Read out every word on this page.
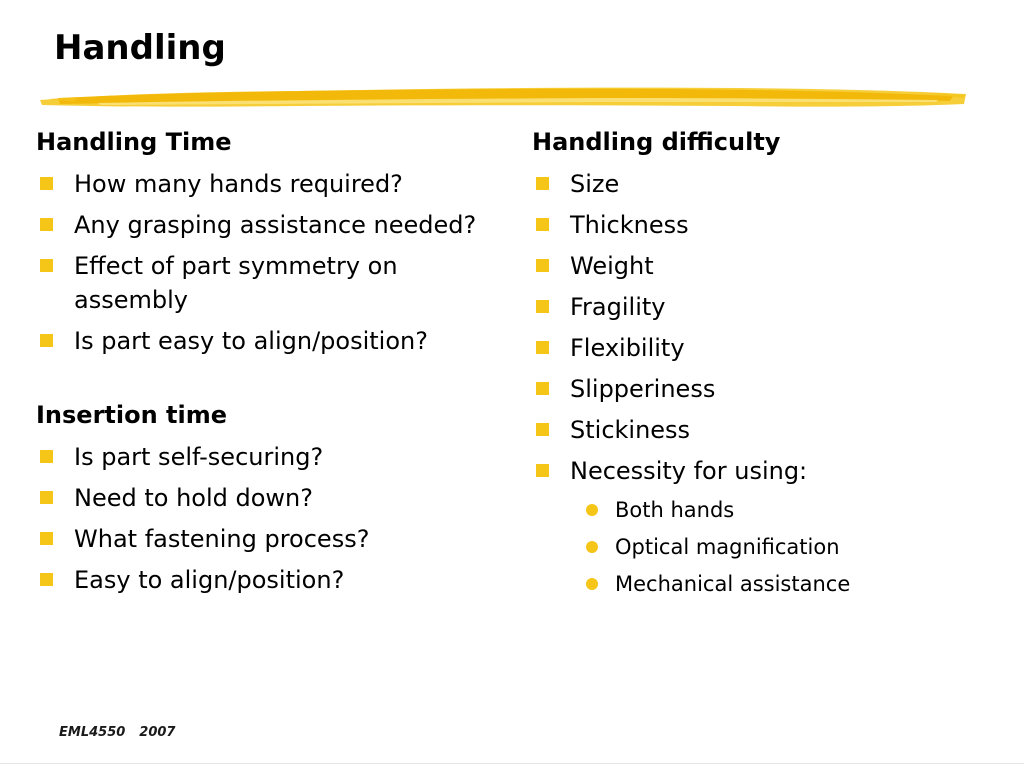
Handling
Handling Time
How many hands required?
Any grasping assistance needed?
Effect of part symmetry on assembly
Is part easy to align/position?
Insertion time
Is part self-securing?
Need to hold down?
What fastening process?
Easy to align/position?
Handling difficulty
Size
Thickness
Weight
Fragility
Flexibility
Slipperiness
Stickiness
Necessity for using:
Both hands
Optical magnification
Mechanical assistance
EML4550 2007
